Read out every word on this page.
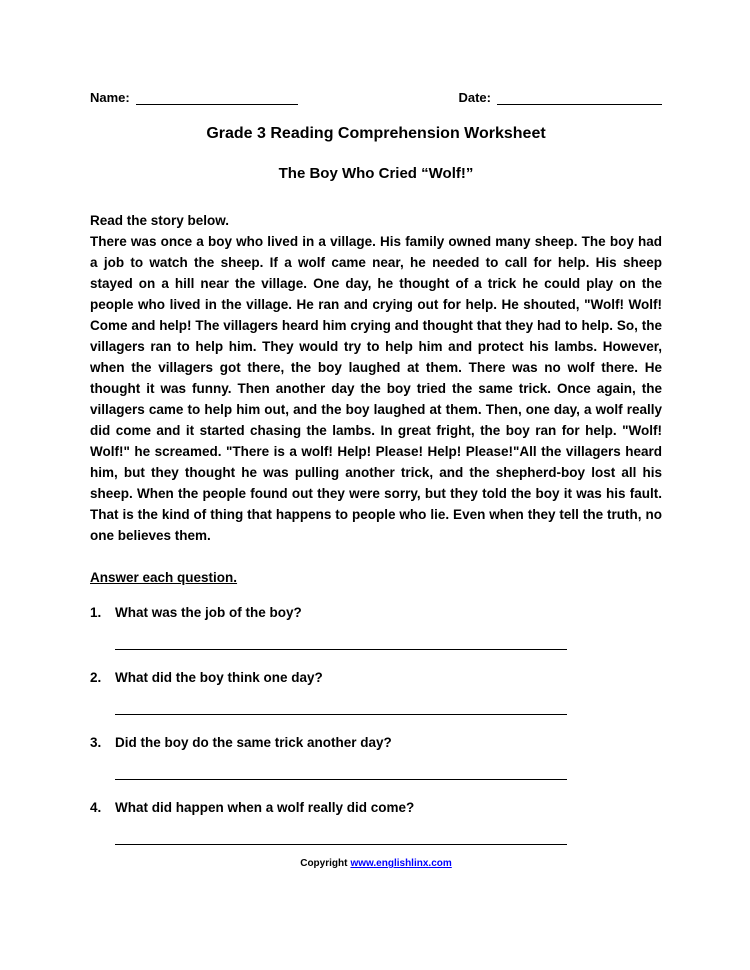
Name:	Date:
Grade 3 Reading Comprehension Worksheet
The Boy Who Cried “Wolf!”

Read the story below.

There was once a boy who lived in a village. His family owned many sheep. The boy had a job to watch the sheep. If a wolf came near, he needed to call for help. His sheep stayed on a hill near the village. One day, he thought of a trick he could play on the people who lived in the village. He ran and crying out for help. He shouted, "Wolf! Wolf! Come and help! The villagers heard him crying and thought that they had to help. So, the villagers ran to help him. They would try to help him and protect his lambs. However, when the villagers got there, the boy laughed at them. There was no wolf there. He thought it was funny. Then another day the boy tried the same trick. Once again, the villagers came to help him out, and the boy laughed at them. Then, one day, a wolf really did come and it started chasing the lambs. In great fright, the boy ran for help. "Wolf! Wolf!" he screamed. "There is a wolf! Help! Please! Help! Please!"All the villagers heard him, but they thought he was pulling another trick, and the shepherd-boy lost all his sheep. When the people found out they were sorry, but they told the boy it was his fault. That is the kind of thing that happens to people who lie. Even when they tell the truth, no one believes them.

Answer each question.

1.	What was the job of the boy?
2.	What did the boy think one day?
3.	Did the boy do the same trick another day?
4.	What did happen when a wolf really did come?
Copyright www.englishlinx.com
